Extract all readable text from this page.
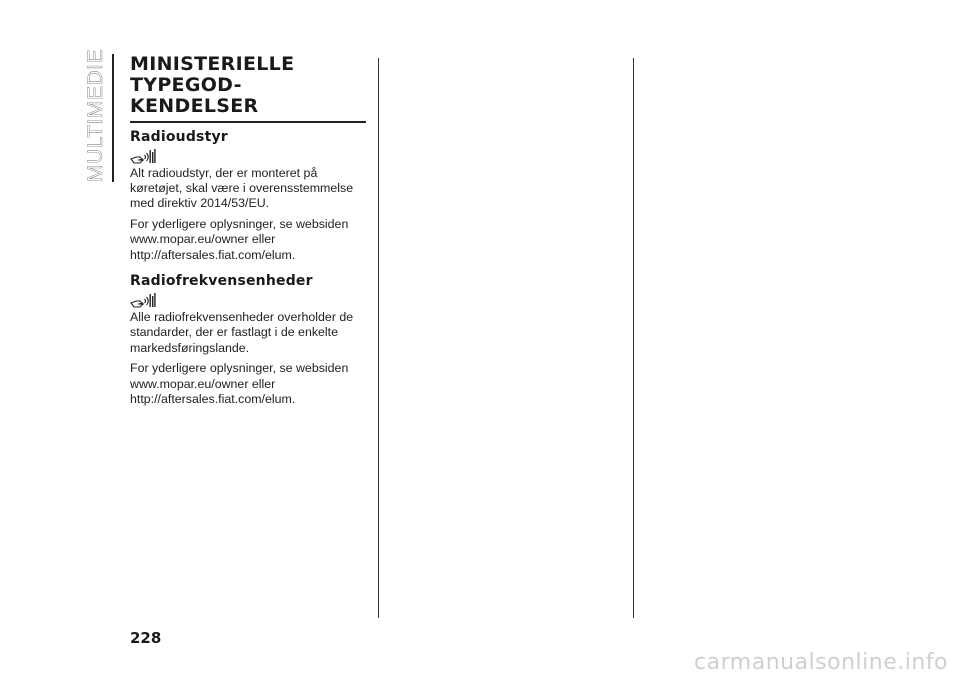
MULTIMEDIE MINISTERIELLE
TYPEGOD-
KENDELSER
Radioudstyr

Alt radioudstyr, der er monteret på køretøjet, skal være i overensstemmelse med direktiv 2014/53/EU.

For yderligere oplysninger, se websiden www.mopar.eu/owner eller http://aftersales.fiat.com/elum.

Radiofrekvensenheder

Alle radiofrekvensenheder overholder de standarder, der er fastlagt i de enkelte markedsføringslande.

For yderligere oplysninger, se websiden www.mopar.eu/owner eller http://aftersales.fiat.com/elum.

228
carmanualsonline.info
